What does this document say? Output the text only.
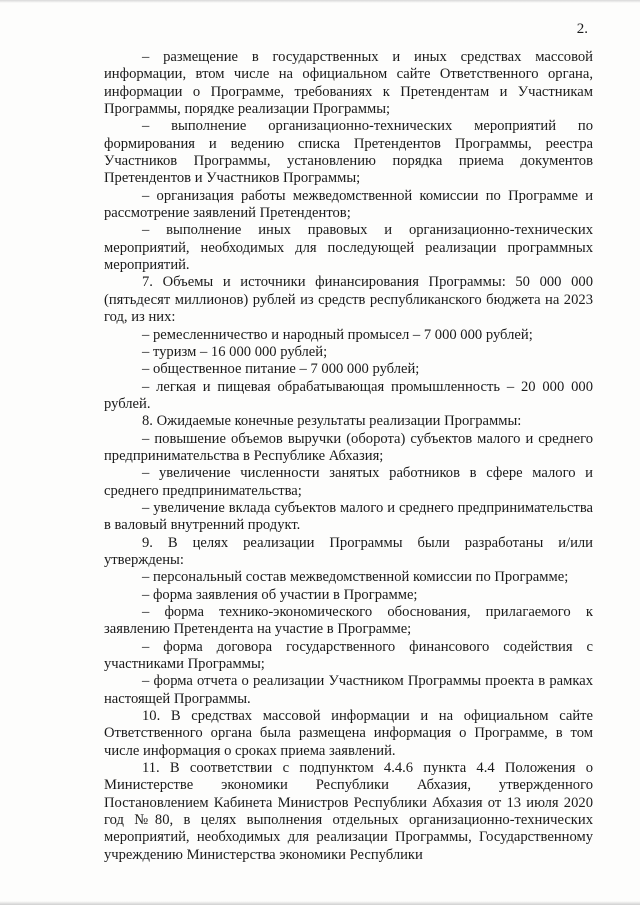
2.

– размещение в государственных и иных средствах массовой информации, втом числе на официальном сайте Ответственного органа, информации о Программе, требованиях к Претендентам и Участникам Программы, порядке реализации Программы;

– выполнение организационно-технических мероприятий по формирования и ведению списка Претендентов Программы, реестра Участников Программы, установлению порядка приема документов Претендентов и Участников Программы;

– организация работы межведомственной комиссии по Программе и рассмотрение заявлений Претендентов;

– выполнение иных правовых и организационно-технических мероприятий, необходимых для последующей реализации программных мероприятий.

7. Объемы и источники финансирования Программы: 50 000 000 (пятьдесят миллионов) рублей из средств республиканского бюджета на 2023 год, из них:

– ремесленничество и народный промысел – 7 000 000 рублей;

– туризм – 16 000 000 рублей;

– общественное питание – 7 000 000 рублей;

– легкая и пищевая обрабатывающая промышленность – 20 000 000 рублей.

8. Ожидаемые конечные результаты реализации Программы:

– повышение объемов выручки (оборота) субъектов малого и среднего предпринимательства в Республике Абхазия;

– увеличение численности занятых работников в сфере малого и среднего предпринимательства;

– увеличение вклада субъектов малого и среднего предпринимательства в валовый внутренний продукт.

9. В целях реализации Программы были разработаны и/или утверждены:

– персональный состав межведомственной комиссии по Программе;

– форма заявления об участии в Программе;

– форма технико-экономического обоснования, прилагаемого к заявлению Претендента на участие в Программе;

– форма договора государственного финансового содействия с участниками Программы;

– форма отчета о реализации Участником Программы проекта в рамках настоящей Программы.

10. В средствах массовой информации и на официальном сайте Ответственного органа была размещена информация о Программе, в том числе информация о сроках приема заявлений.

11. В соответствии с подпунктом 4.4.6 пункта 4.4 Положения о Министерстве экономики Республики Абхазия, утвержденного Постановлением Кабинета Министров Республики Абхазия от 13 июля 2020 год №80, в целях выполнения отдельных организационно-технических мероприятий, необходимых для реализации Программы, Государственному учреждению Министерства экономики Республики
